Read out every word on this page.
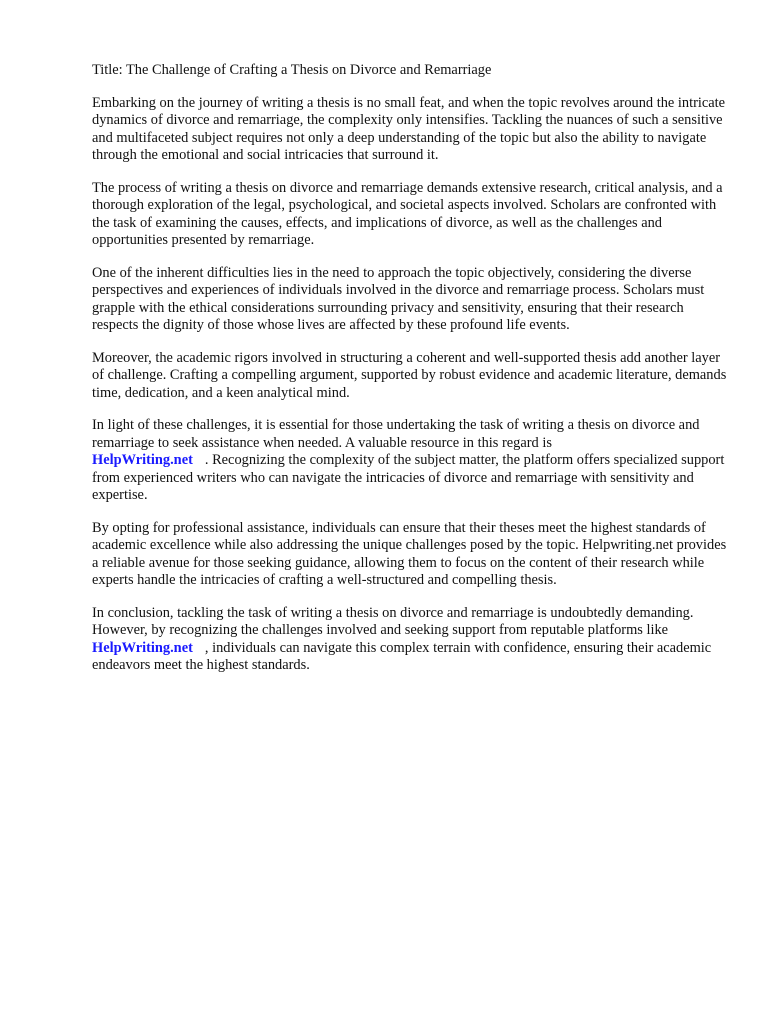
Title: The Challenge of Crafting a Thesis on Divorce and Remarriage

Embarking on the journey of writing a thesis is no small feat, and when the topic revolves around the intricate dynamics of divorce and remarriage, the complexity only intensifies. Tackling the nuances of such a sensitive and multifaceted subject requires not only a deep understanding of the topic but also the ability to navigate through the emotional and social intricacies that surround it.

The process of writing a thesis on divorce and remarriage demands extensive research, critical analysis, and a thorough exploration of the legal, psychological, and societal aspects involved. Scholars are confronted with the task of examining the causes, effects, and implications of divorce, as well as the challenges and opportunities presented by remarriage.

One of the inherent difficulties lies in the need to approach the topic objectively, considering the diverse perspectives and experiences of individuals involved in the divorce and remarriage process. Scholars must grapple with the ethical considerations surrounding privacy and sensitivity, ensuring that their research respects the dignity of those whose lives are affected by these profound life events.

Moreover, the academic rigors involved in structuring a coherent and well-supported thesis add another layer of challenge. Crafting a compelling argument, supported by robust evidence and academic literature, demands time, dedication, and a keen analytical mind.

In light of these challenges, it is essential for those undertaking the task of writing a thesis on divorce and remarriage to seek assistance when needed. A valuable resource in this regard is
HelpWriting.net . Recognizing the complexity of the subject matter, the platform offers specialized support from experienced writers who can navigate the intricacies of divorce and remarriage with sensitivity and expertise.

By opting for professional assistance, individuals can ensure that their theses meet the highest standards of academic excellence while also addressing the unique challenges posed by the topic. Helpwriting.net provides a reliable avenue for those seeking guidance, allowing them to focus on the content of their research while experts handle the intricacies of crafting a well-structured and compelling thesis.

In conclusion, tackling the task of writing a thesis on divorce and remarriage is undoubtedly demanding. However, by recognizing the challenges involved and seeking support from reputable platforms likeHelpWriting.net , individuals can navigate this complex terrain with confidence, ensuring their academic endeavors meet the highest standards.
